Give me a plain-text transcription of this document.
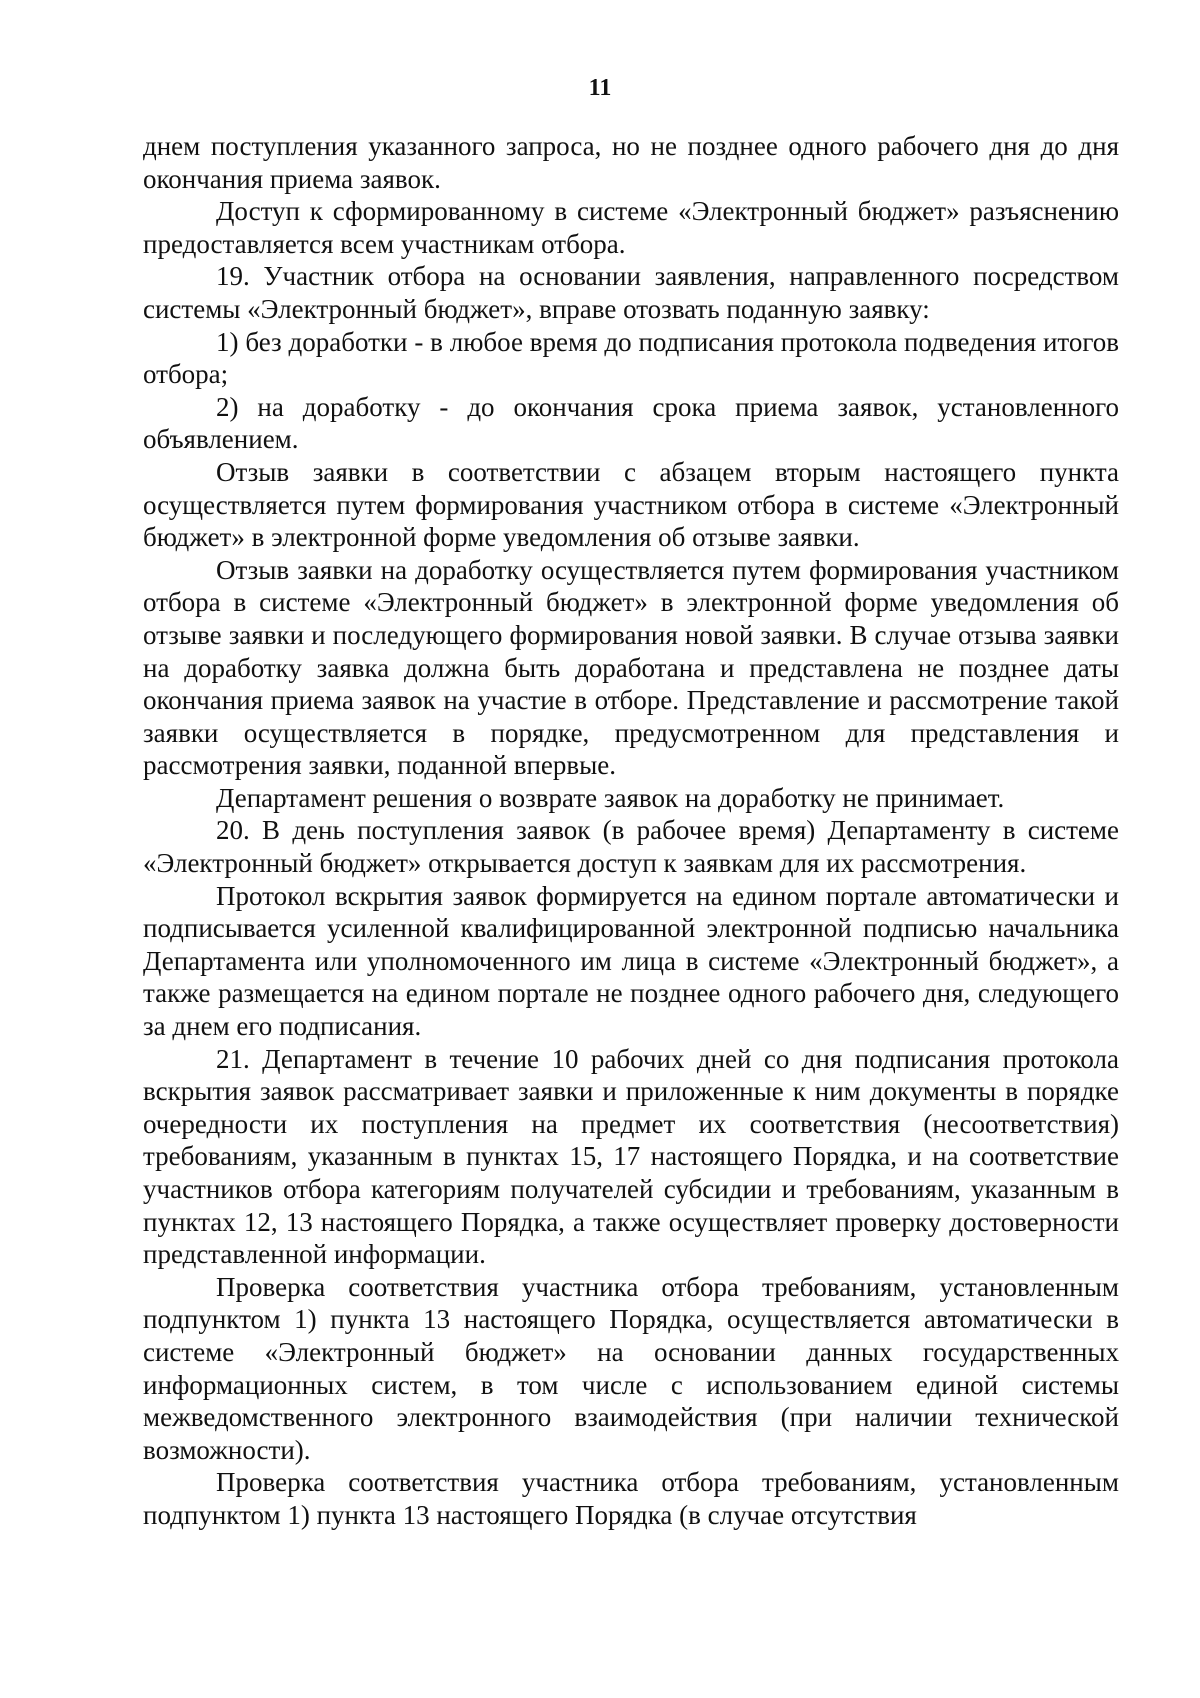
11

днем поступления указанного запроса, но не позднее одного рабочего дня до дня окончания приема заявок.

Доступ к сформированному в системе «Электронный бюджет» разъяснению предоставляется всем участникам отбора.

19. Участник отбора на основании заявления, направленного посредством системы «Электронный бюджет», вправе отозвать поданную заявку:

1) без доработки - в любое время до подписания протокола подведения итогов отбора;

2) на доработку - до окончания срока приема заявок, установленного объявлением.

Отзыв заявки в соответствии с абзацем вторым настоящего пункта осуществляется путем формирования участником отбора в системе «Электронный бюджет» в электронной форме уведомления об отзыве заявки.

Отзыв заявки на доработку осуществляется путем формирования участником отбора в системе «Электронный бюджет» в электронной форме уведомления об отзыве заявки и последующего формирования новой заявки. В случае отзыва заявки на доработку заявка должна быть доработана и представлена не позднее даты окончания приема заявок на участие в отборе. Представление и рассмотрение такой заявки осуществляется в порядке, предусмотренном для представления и рассмотрения заявки, поданной впервые.

Департамент решения о возврате заявок на доработку не принимает.

20. В день поступления заявок (в рабочее время) Департаменту в системе «Электронный бюджет» открывается доступ к заявкам для их рассмотрения.

Протокол вскрытия заявок формируется на едином портале автоматически и подписывается усиленной квалифицированной электронной подписью начальника Департамента или уполномоченного им лица в системе «Электронный бюджет», а также размещается на едином портале не позднее одного рабочего дня, следующего за днем его подписания.

21. Департамент в течение 10 рабочих дней со дня подписания протокола вскрытия заявок рассматривает заявки и приложенные к ним документы в порядке очередности их поступления на предмет их соответствия (несоответствия) требованиям, указанным в пунктах 15, 17 настоящего Порядка, и на соответствие участников отбора категориям получателей субсидии и требованиям, указанным в пунктах 12, 13 настоящего Порядка, а также осуществляет проверку достоверности представленной информации.

Проверка соответствия участника отбора требованиям, установленным подпунктом 1) пункта 13 настоящего Порядка, осуществляется автоматически в системе «Электронный бюджет» на основании данных государственных информационных систем, в том числе с использованием единой системы межведомственного электронного взаимодействия (при наличии технической возможности).

Проверка соответствия участника отбора требованиям, установленным подпунктом 1) пункта 13 настоящего Порядка (в случае отсутствия
